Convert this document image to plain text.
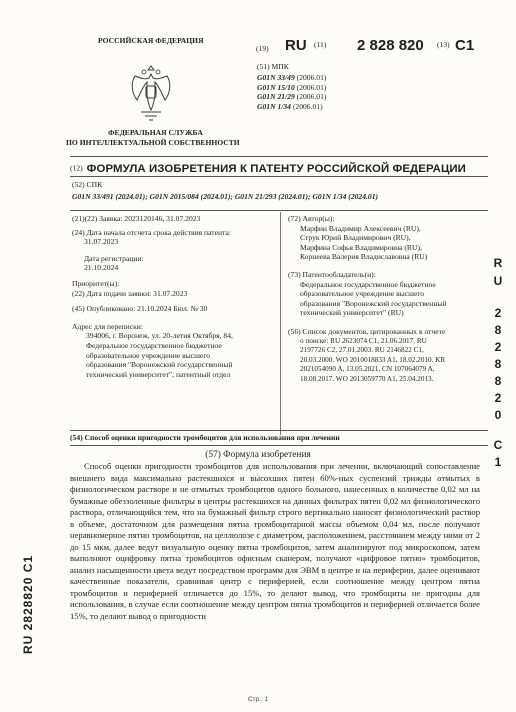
РОССИЙСКАЯ ФЕДЕРАЦИЯ
ФЕДЕРАЛЬНАЯ СЛУЖБА
ПО ИНТЕЛЛЕКТУАЛЬНОЙ СОБСТВЕННОСТИ
(19) RU (11) 2 828 820 (13) C1
(51) МПК
G01N 33/49 (2006.01)
G01N 15/10 (2006.01)
G01N 21/29 (2006.01)
G01N 1/34 (2006.01)
(12) ФОРМУЛА ИЗОБРЕТЕНИЯ К ПАТЕНТУ РОССИЙСКОЙ ФЕДЕРАЦИИ
(52) СПК
G01N 33/491 (2024.01); G01N 2015/084 (2024.01); G01N 21/293 (2024.01); G01N 1/34 (2024.01)
(21)(22) Заявка: 2023120146, 31.07.2023
(24) Дата начала отсчета срока действия патента:
31.07.2023
Дата регистрации:
21.10.2024
Приоритет(ы):
(22) Дата подачи заявки: 31.07.2023
(45) Опубликовано: 21.10.2024 Бюл. № 30
Адрес для переписки:
394006, г. Воронеж, ул. 20-летия Октября, 84,
Федеральное государственное бюджетное
образовательное учреждение высшего
образования "Воронежский государственный
технический университет", патентный отдел
(72) Автор(ы):
Марфин Владимир Алексеевич (RU),
Струк Юрий Владимирович (RU),
Марфина Софья Владимировна (RU),
Корнеева Валерия Владиславовна (RU)
(73) Патентообладатель(и):
Федеральное государственное бюджетное
образовательное учреждение высшего
образования "Воронежский государственный
технический университет" (RU)
(56) Список документов, цитированных в отчете
о поиске: RU 2623074 C1, 21.06.2017. RU
2197726 C2, 27.01.2003. RU 2146822 C1,
20.03.2000. WO 2010018833 A1, 18.02.2010. KR
2021054090 A, 13.05.2021. CN 107064079 A,
18.08.2017. WO 2013059770 A1, 25.04.2013.
(54) Способ оценки пригодности тромбоцитов для использования при лечении
(57) Формула изобретения
Способ оценки пригодности тромбоцитов для использования при лечении, включающий сопоставление внешнего вида максимально растекшихся и высохших пятен 60%-ных суспензий трижды отмытых в физиологическом растворе и не отмытых тромбоцитов одного больного, нанесенных в количестве 0,02 мл на бумажные обеззоленные фильтры в центры растекшихся на данных фильтрах пятен 0,02 мл физиологического раствора, отличающийся тем, что на бумажный фильтр строго вертикально наносят физиологический раствор в объеме, достаточном для размещения пятна тромбоцитарной массы объемом 0,04 мл, после получают неравномерное пятно тромбоцитов, на целлюлозе с диаметром, расположением, расстоянием между ними от 2 до 15 мкм, далее ведут визуальную оценку пятна тромбоцитов, затем анализируют под микроскопом, затем выполняют оцифровку пятна тромбоцитов офисным сканером, получают «цифровое пятно» тромбоцитов, анализ насыщенности цвета ведут посредством программ для ЭВМ в центре и на периферии, далее оценивают качественные показатели, сравнивая центр с периферией, если соотношение между центром пятна тромбоцитов и периферией отличается до 15%, то делают вывод, что тромбоциты не пригодны для использования, в случае если соотношение между центром пятна тромбоцитов и периферией отличается более 15%, то делают вывод о пригодности
R
U
2
8
2
8
8
2
0
C
1
RU 2828820 C1
Стр.: 1
